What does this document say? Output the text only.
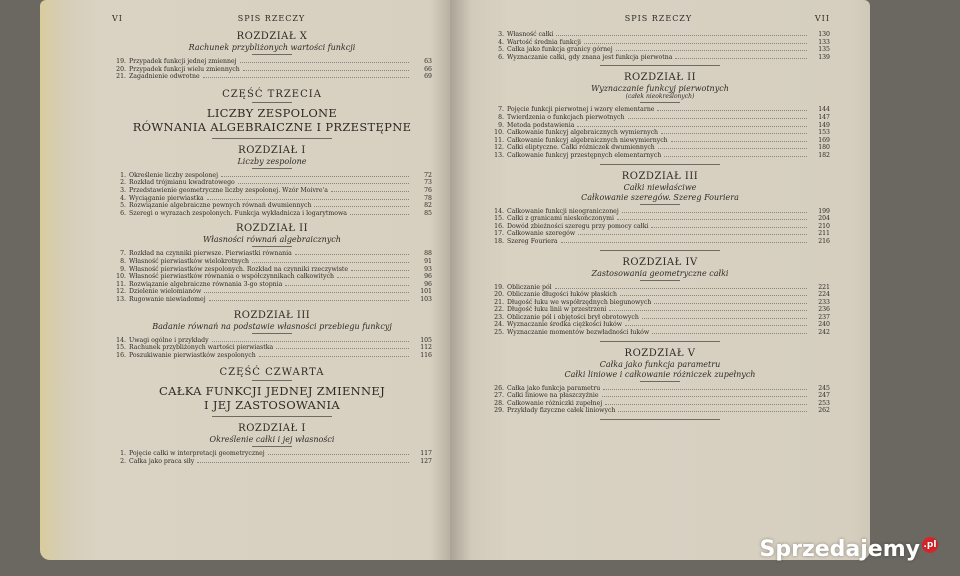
VI	SPIS RZECZY
ROZDZIAŁ X
Rachunek przybliżonych wartości funkcji
19. Przypadek funkcji jednej zmiennej	63
20. Przypadek funkcji wielu zmiennych	66
21. Zagadnienie odwrotne	69
CZĘŚĆ TRZECIA
LICZBY ZESPOLONE
RÓWNANIA ALGEBRAICZNE I PRZESTĘPNE
ROZDZIAŁ I
Liczby zespolone
1. Określenie liczby zespolonej	72
2. Rozkład trójmianu kwadratowego	73
3. Przedstawienie geometryczne liczby zespolonej. Wzór Moivre'a	76
4. Wyciąganie pierwiastka	78
5. Rozwiązanie algebraiczne pewnych równań dwumiennych	82
6. Szeregi o wyrazach zespolonych. Funkcja wykładnicza i logarytmowa	85
ROZDZIAŁ II
Własności równań algebraicznych
7. Rozkład na czynniki pierwsze. Pierwiastki równania	88
8. Własność pierwiastków wielokrotnych	91
9. Własność pierwiastków zespolonych. Rozkład na czynniki rzeczywiste	93
10. Własność pierwiastków równania o współczynnikach całkowitych	96
11. Rozwiązanie algebraiczne równania 3-go stopnia	96
12. Dzielenie wielomianów	101
13. Rugowanie niewiadomej	103
ROZDZIAŁ III
Badanie równań na podstawie własności przebiegu funkcyj
14. Uwagi ogólne i przykłady	105
15. Rachunek przybliżonych wartości pierwiastka	112
16. Poszukiwanie pierwiastków zespolonych	116
CZĘŚĆ CZWARTA
CAŁKA FUNKCJI JEDNEJ ZMIENNEJ
I JEJ ZASTOSOWANIA
ROZDZIAŁ I
Określenie całki i jej własności
1. Pojęcie całki w interpretacji geometrycznej	117
2. Całka jako praca siły	127
SPIS RZECZY	VII
3. Własność całki	130
4. Wartość średnia funkcji	133
5. Całka jako funkcja granicy górnej	135
6. Wyznaczanie całki, gdy znana jest funkcja pierwotna	139
ROZDZIAŁ II
Wyznaczanie funkcyj pierwotnych
(całek nieokreślonych)
7. Pojęcie funkcji pierwotnej i wzory elementarne	144
8. Twierdzenia o funkcjach pierwotnych	147
9. Metoda podstawienia	149
10. Całkowanie funkcyj algebraicznych wymiernych	153
11. Całkowanie funkcyj algebraicznych niewymiernych	169
12. Całki eliptyczne. Całki różniczek dwumiennych	180
13. Całkowanie funkcyj przestępnych elementarnych	182
ROZDZIAŁ III
Całki niewłaściwe
Całkowanie szeregów. Szereg Fouriera
14. Całkowanie funkcji nieograniczonej	199
15. Całki z granicami nieskończonymi	204
16. Dowód zbieżności szeregu przy pomocy całki	210
17. Całkowanie szeregów	211
18. Szereg Fouriera	216
ROZDZIAŁ IV
Zastosowania geometryczne całki
19. Obliczanie pól	221
20. Obliczanie długości łuków płaskich	224
21. Długość łuku we współrzędnych biegunowych	233
22. Długość łuku linii w przestrzeni	236
23. Obliczanie pól i objętości brył obrotowych	237
24. Wyznaczanie środka ciężkości łuków	240
25. Wyznaczanie momentów bezwładności łuków	242
ROZDZIAŁ V
Całka jako funkcja parametru
Całki liniowe i całkowanie różniczek zupełnych
26. Całka jako funkcja parametru	245
27. Całki liniowe na płaszczyźnie	247
28. Całkowanie różniczki zupełnej	253
29. Przykłady fizyczne całek liniowych	262
Sprzedajemy .pl
